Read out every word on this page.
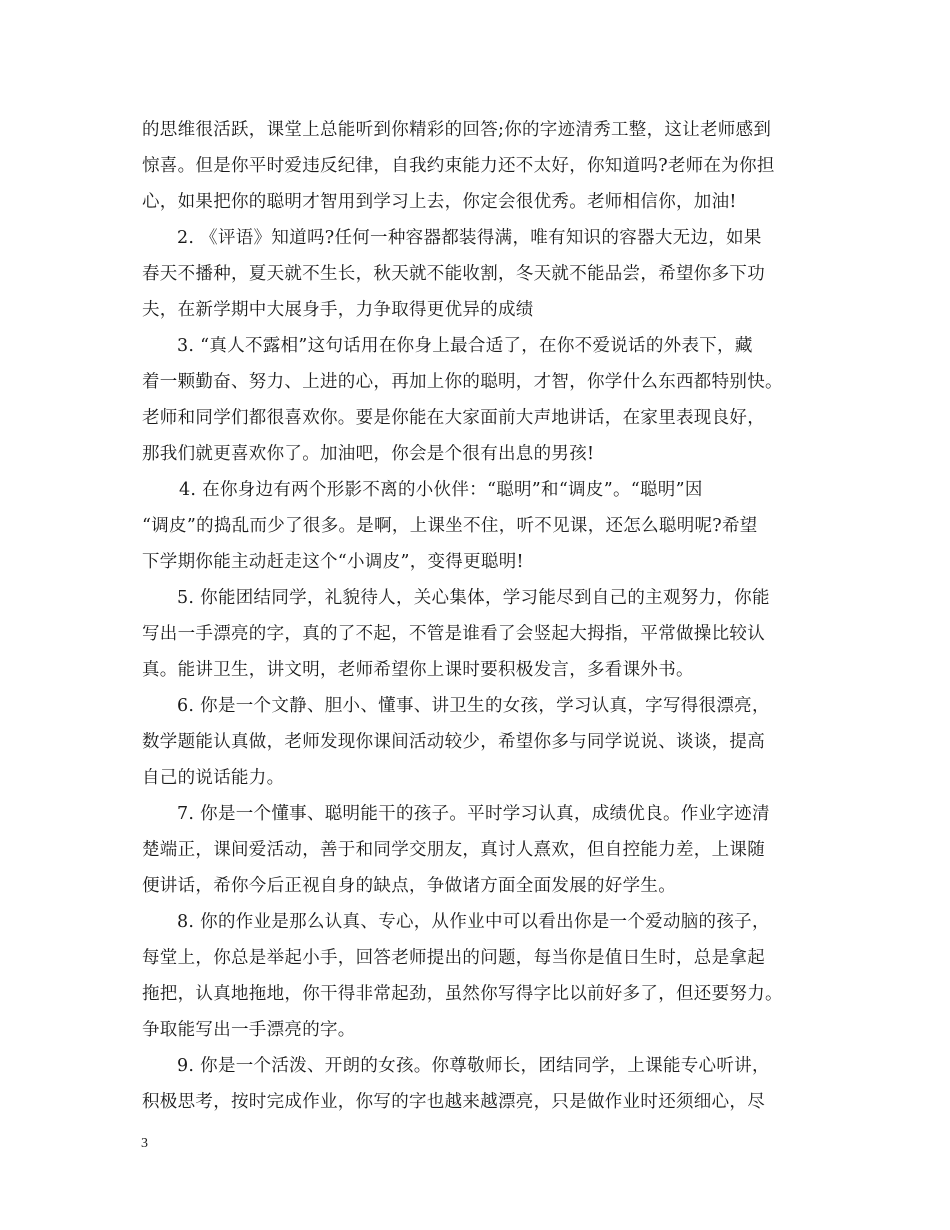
的思维很活跃，课堂上总能听到你精彩的回答;你的字迹清秀工整，这让老师感到
惊喜。但是你平时爱违反纪律，自我约束能力还不太好，你知道吗?老师在为你担
心，如果把你的聪明才智用到学习上去，你定会很优秀。老师相信你，加油!
2. 《评语》知道吗?任何一种容器都装得满，唯有知识的容器大无边，如果
春天不播种，夏天就不生长，秋天就不能收割，冬天就不能品尝，希望你多下功
夫，在新学期中大展身手，力争取得更优异的成绩
3. “真人不露相”这句话用在你身上最合适了，在你不爱说话的外表下，藏
着一颗勤奋、努力、上进的心，再加上你的聪明，才智，你学什么东西都特别快。
老师和同学们都很喜欢你。要是你能在大家面前大声地讲话，在家里表现良好，
那我们就更喜欢你了。加油吧，你会是个很有出息的男孩!
4. 在你身边有两个形影不离的小伙伴：“聪明”和“调皮”。“聪明”因
“调皮”的捣乱而少了很多。是啊，上课坐不住，听不见课，还怎么聪明呢?希望
下学期你能主动赶走这个“小调皮”，变得更聪明!
5. 你能团结同学，礼貌待人，关心集体，学习能尽到自己的主观努力，你能
写出一手漂亮的字，真的了不起，不管是谁看了会竖起大拇指，平常做操比较认
真。能讲卫生，讲文明，老师希望你上课时要积极发言，多看课外书。
6. 你是一个文静、胆小、懂事、讲卫生的女孩，学习认真，字写得很漂亮，
数学题能认真做，老师发现你课间活动较少，希望你多与同学说说、谈谈，提高
自己的说话能力。
7. 你是一个懂事、聪明能干的孩子。平时学习认真，成绩优良。作业字迹清
楚端正，课间爱活动，善于和同学交朋友，真讨人熹欢，但自控能力差，上课随
便讲话，希你今后正视自身的缺点，争做诸方面全面发展的好学生。
8. 你的作业是那么认真、专心，从作业中可以看出你是一个爱动脑的孩子，
每堂上，你总是举起小手，回答老师提出的问题，每当你是值日生时，总是拿起
拖把，认真地拖地，你干得非常起劲，虽然你写得字比以前好多了，但还要努力。
争取能写出一手漂亮的字。
9. 你是一个活泼、开朗的女孩。你尊敬师长，团结同学，上课能专心听讲，
积极思考，按时完成作业，你写的字也越来越漂亮，只是做作业时还须细心，尽
3
